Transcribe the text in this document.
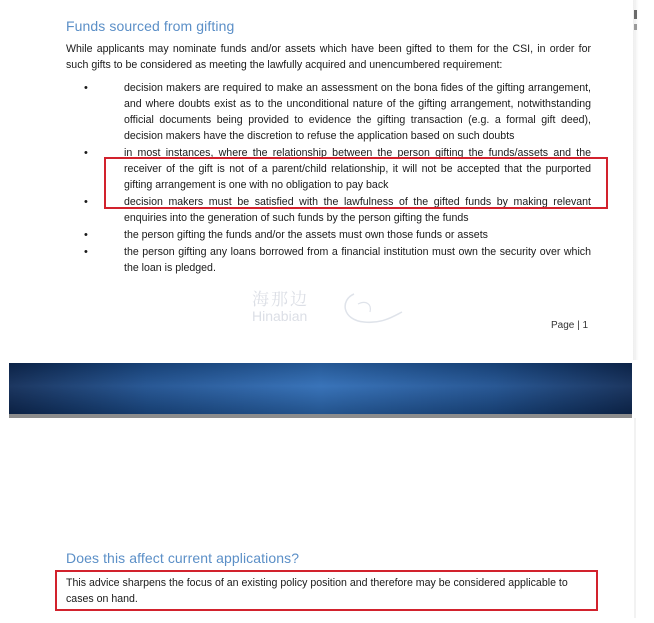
Funds sourced from gifting

While applicants may nominate funds and/or assets which have been gifted to them for the CSI, in order for such gifts to be considered as meeting the lawfully acquired and unencumbered requirement:

•	decision makers are required to make an assessment on the bona fides of the gifting arrangement, and where doubts exist as to the unconditional nature of the gifting arrangement, notwithstanding official documents being provided to evidence the gifting transaction (e.g. a formal gift deed), decision makers have the discretion to refuse the application based on such doubts
•	in most instances, where the relationship between the person gifting the funds/assets and the receiver of the gift is not of a parent/child relationship, it will not be accepted that the purported gifting arrangement is one with no obligation to pay back
•	decision makers must be satisfied with the lawfulness of the gifted funds by making relevant enquiries into the generation of such funds by the person gifting the funds
•	the person gifting the funds and/or the assets must own those funds or assets
•	the person gifting any loans borrowed from a financial institution must own the security over which the loan is pledged.
海那边
Hinabian
Page | 1
Does this affect current applications?

This advice sharpens the focus of an existing policy position and therefore may be considered applicable to cases on hand.
